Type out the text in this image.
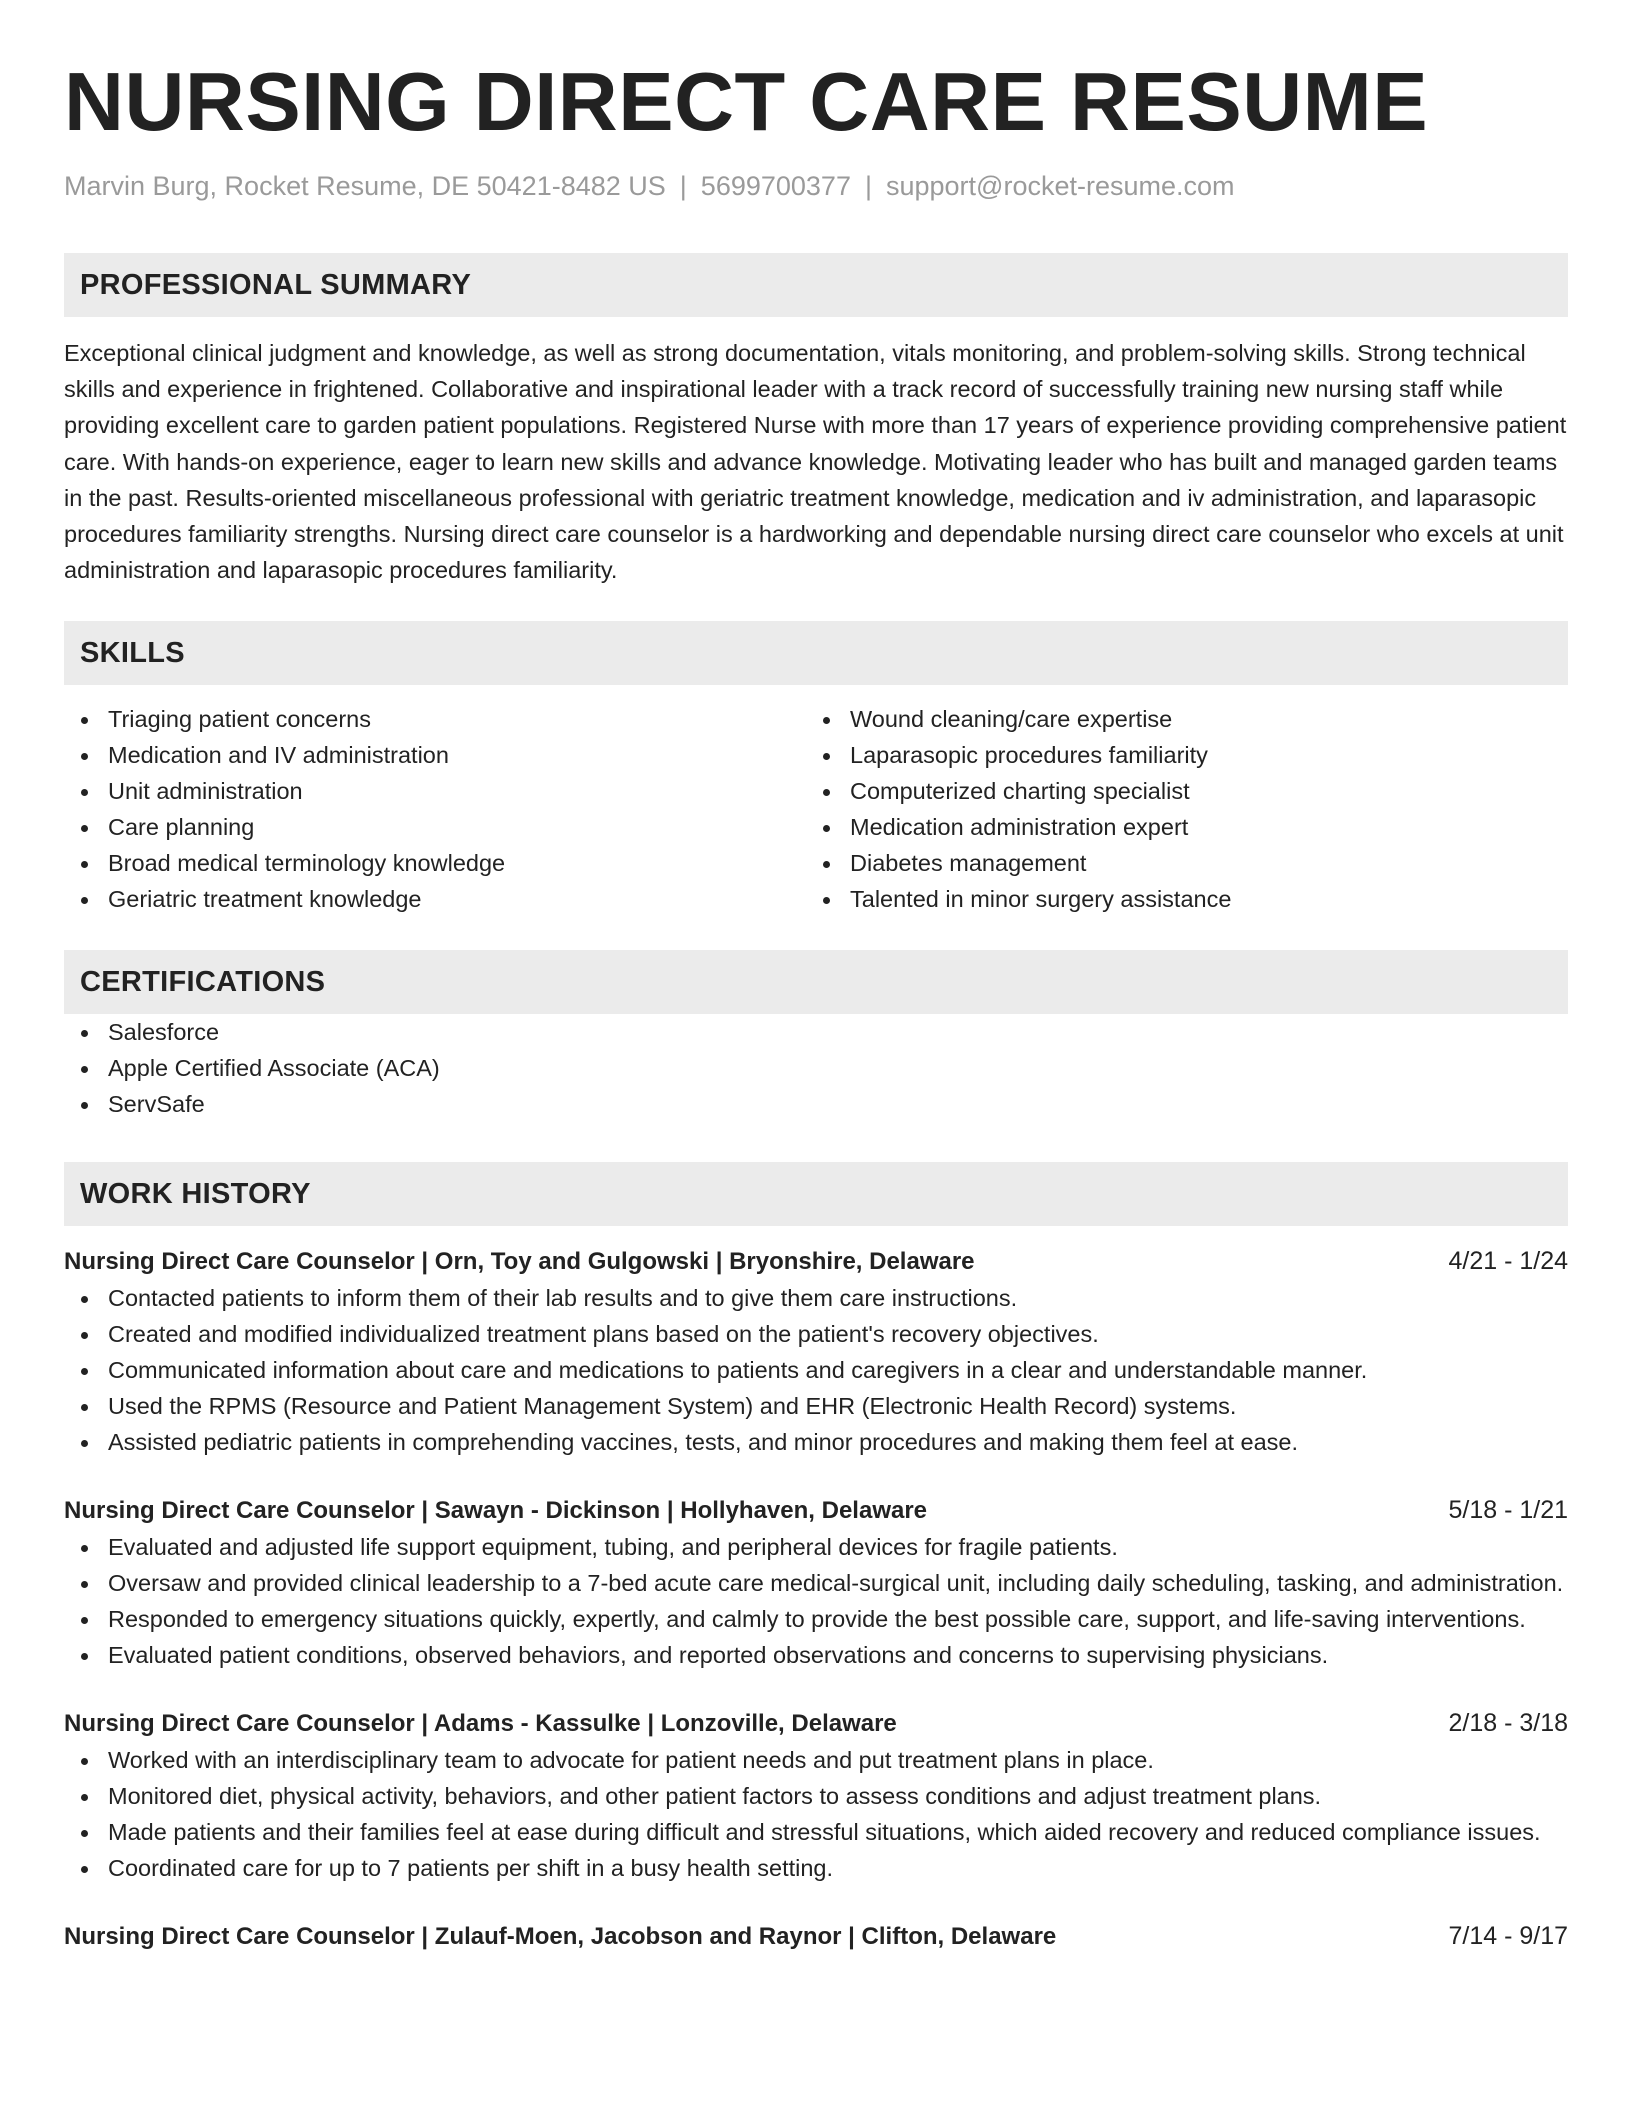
NURSING DIRECT CARE RESUME
Marvin Burg, Rocket Resume, DE 50421-8482 US | 5699700377 | support@rocket-resume.com
PROFESSIONAL SUMMARY

Exceptional clinical judgment and knowledge, as well as strong documentation, vitals monitoring, and problem-solving skills. Strong technical skills and experience in frightened. Collaborative and inspirational leader with a track record of successfully training new nursing staff while providing excellent care to garden patient populations. Registered Nurse with more than 17 years of experience providing comprehensive patient care. With hands-on experience, eager to learn new skills and advance knowledge. Motivating leader who has built and managed garden teams in the past. Results-oriented miscellaneous professional with geriatric treatment knowledge, medication and iv administration, and laparasopic procedures familiarity strengths. Nursing direct care counselor is a hardworking and dependable nursing direct care counselor who excels at unit administration and laparasopic procedures familiarity.

SKILLS
Triaging patient concerns
Medication and IV administration
Unit administration
Care planning
Broad medical terminology knowledge
Geriatric treatment knowledge
Wound cleaning/care expertise
Laparasopic procedures familiarity
Computerized charting specialist
Medication administration expert
Diabetes management
Talented in minor surgery assistance
CERTIFICATIONS
Salesforce
Apple Certified Associate (ACA)
ServSafe
WORK HISTORY
Nursing Direct Care Counselor | Orn, Toy and Gulgowski | Bryonshire, Delaware	4/21 - 1/24
Contacted patients to inform them of their lab results and to give them care instructions.
Created and modified individualized treatment plans based on the patient's recovery objectives.
Communicated information about care and medications to patients and caregivers in a clear and understandable manner.
Used the RPMS (Resource and Patient Management System) and EHR (Electronic Health Record) systems.
Assisted pediatric patients in comprehending vaccines, tests, and minor procedures and making them feel at ease.
Nursing Direct Care Counselor | Sawayn - Dickinson | Hollyhaven, Delaware	5/18 - 1/21
Evaluated and adjusted life support equipment, tubing, and peripheral devices for fragile patients.
Oversaw and provided clinical leadership to a 7-bed acute care medical-surgical unit, including daily scheduling, tasking, and administration.
Responded to emergency situations quickly, expertly, and calmly to provide the best possible care, support, and life-saving interventions.
Evaluated patient conditions, observed behaviors, and reported observations and concerns to supervising physicians.
Nursing Direct Care Counselor | Adams - Kassulke | Lonzoville, Delaware	2/18 - 3/18
Worked with an interdisciplinary team to advocate for patient needs and put treatment plans in place.
Monitored diet, physical activity, behaviors, and other patient factors to assess conditions and adjust treatment plans.
Made patients and their families feel at ease during difficult and stressful situations, which aided recovery and reduced compliance issues.
Coordinated care for up to 7 patients per shift in a busy health setting.
Nursing Direct Care Counselor | Zulauf-Moen, Jacobson and Raynor | Clifton, Delaware	7/14 - 9/17
